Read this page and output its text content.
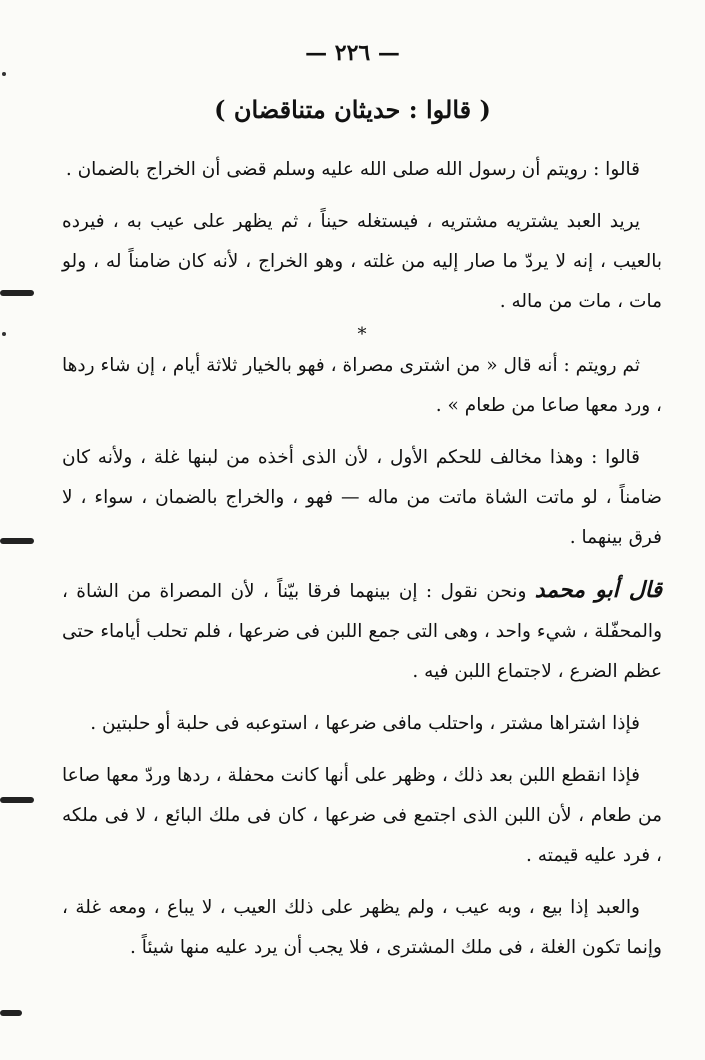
— ٢٢٦ —
( قالوا : حديثان متناقضان )

قالوا : رويتم أن رسول الله صلى الله عليه وسلم قضى أن الخراج بالضمان .

يريد العبد يشتريه مشتريه ، فيستغله حيناً ، ثم يظهر على عيب به ، فيرده بالعيب ، إنه لا يردّ ما صار إليه من غلته ، وهو الخراج ، لأنه كان ضامناً له ، ولو مات ، مات من ماله .

*

ثم رويتم : أنه قال « من اشترى مصراة ، فهو بالخيار ثلاثة أيام ، إن شاء ردها ، ورد معها صاعا من طعام » .

قالوا : وهذا مخالف للحكم الأول ، لأن الذى أخذه من لبنها غلة ، ولأنه كان ضامناً ، لو ماتت الشاة ماتت من ماله — فهو ، والخراج بالضمان ، سواء ، لا فرق بينهما .

قال أبو محمد ونحن نقول : إن بينهما فرقا بيّناً ، لأن المصراة من الشاة ، والمحفّلة ، شيء واحد ، وهى التى جمع اللبن فى ضرعها ، فلم تحلب أياماء حتى عظم الضرع ، لاجتماع اللبن فيه .

فإذا اشتراها مشتر ، واحتلب مافى ضرعها ، استوعبه فى حلبة أو حلبتين .

فإذا انقطع اللبن بعد ذلك ، وظهر على أنها كانت محفلة ، ردها وردّ معها صاعا من طعام ، لأن اللبن الذى اجتمع فى ضرعها ، كان فى ملك البائع ، لا فى ملكه ، فرد عليه قيمته .

والعبد إذا بيع ، وبه عيب ، ولم يظهر على ذلك العيب ، لا يباع ، ومعه غلة ، وإنما تكون الغلة ، فى ملك المشترى ، فلا يجب أن يرد عليه منها شيئاً .
